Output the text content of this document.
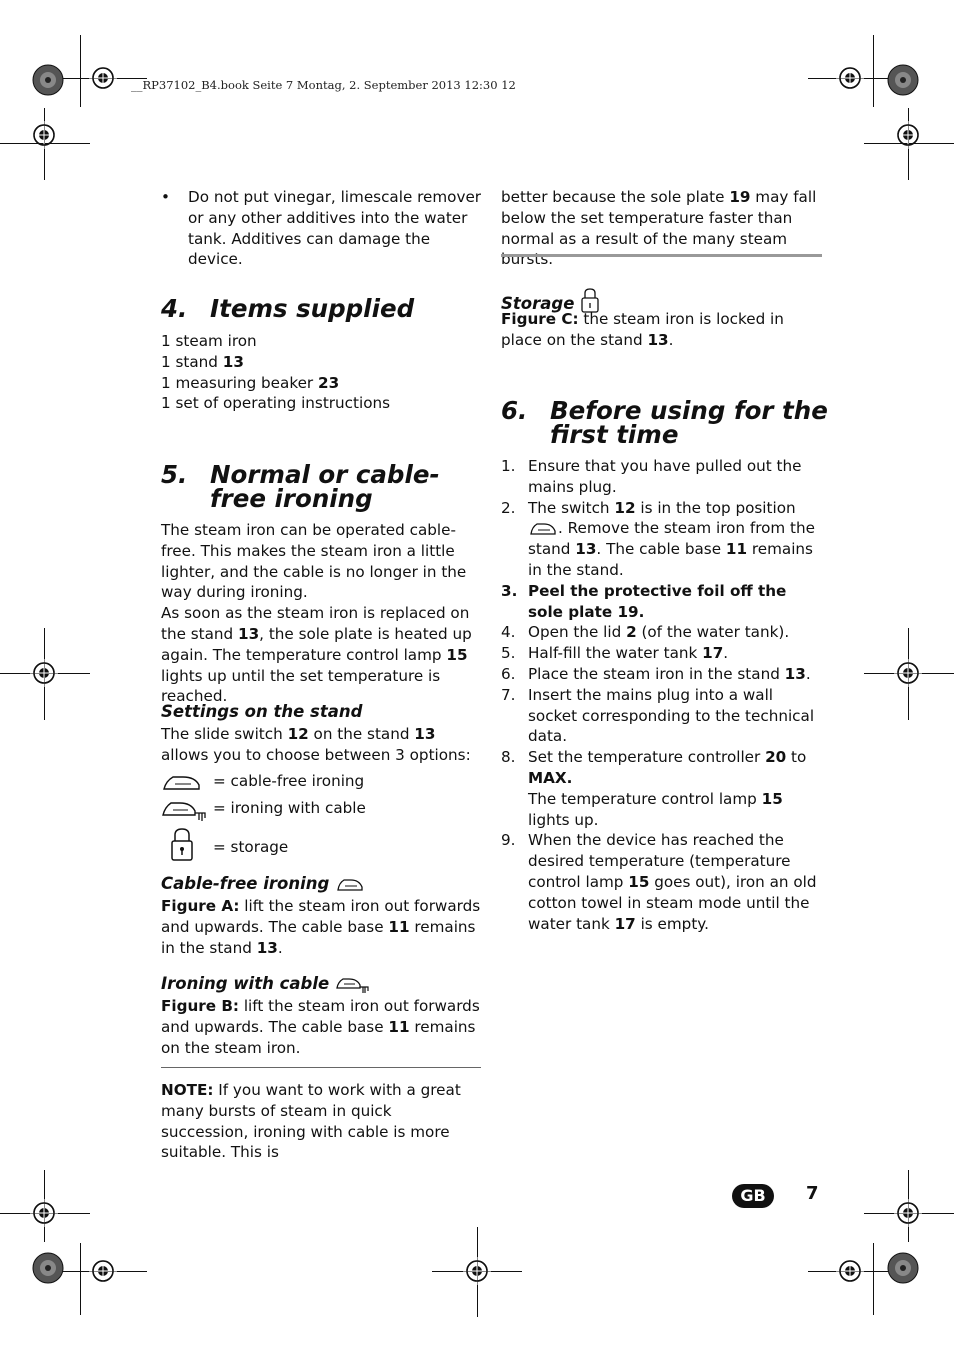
__RP37102_B4.book Seite 7 Montag, 2. September 2013 12:30 12

• Do not put vinegar, limescale remover or any other additives into the water tank. Additives can damage the device.

4. Items supplied

1 steam iron

1 stand 13

1 measuring beaker 23

1 set of operating instructions

5. Normal or cable-free ironing

The steam iron can be operated cable-free. This makes the steam iron a little lighter, and the cable is no longer in the way during ironing.

As soon as the steam iron is replaced on the stand 13, the sole plate is heated up again. The temperature control lamp 15 lights up until the set temperature is reached.

Settings on the stand

The slide switch 12 on the stand 13 allows you to choose between 3 options:

= cable-free ironing
= ironing with cable
= storage
Cable-free ironing

Figure A: lift the steam iron out forwards and upwards. The cable base 11 remains in the stand 13.

Ironing with cable

Figure B: lift the steam iron out forwards and upwards. The cable base 11 remains on the steam iron.

NOTE: If you want to work with a great many bursts of steam in quick succession, ironing with cable is more suitable. This is

better because the sole plate 19 may fall below the set temperature faster than normal as a result of the many steam bursts.

Storage

Figure C: the steam iron is locked in place on the stand 13.

6. Before using for the first time

1. Ensure that you have pulled out the mains plug.

2. The switch 12 is in the top position . Remove the steam iron from the stand 13. The cable base 11 remains in the stand.

3. Peel the protective foil off the sole plate 19.

4. Open the lid 2 (of the water tank).

5. Half-fill the water tank 17.

6. Place the steam iron in the stand 13.

7. Insert the mains plug into a wall socket corresponding to the technical data.

8. Set the temperature controller 20 to MAX.
The temperature control lamp 15 lights up.

9. When the device has reached the desired temperature (temperature control lamp 15 goes out), iron an old cotton towel in steam mode until the water tank 17 is empty.

GB	7
